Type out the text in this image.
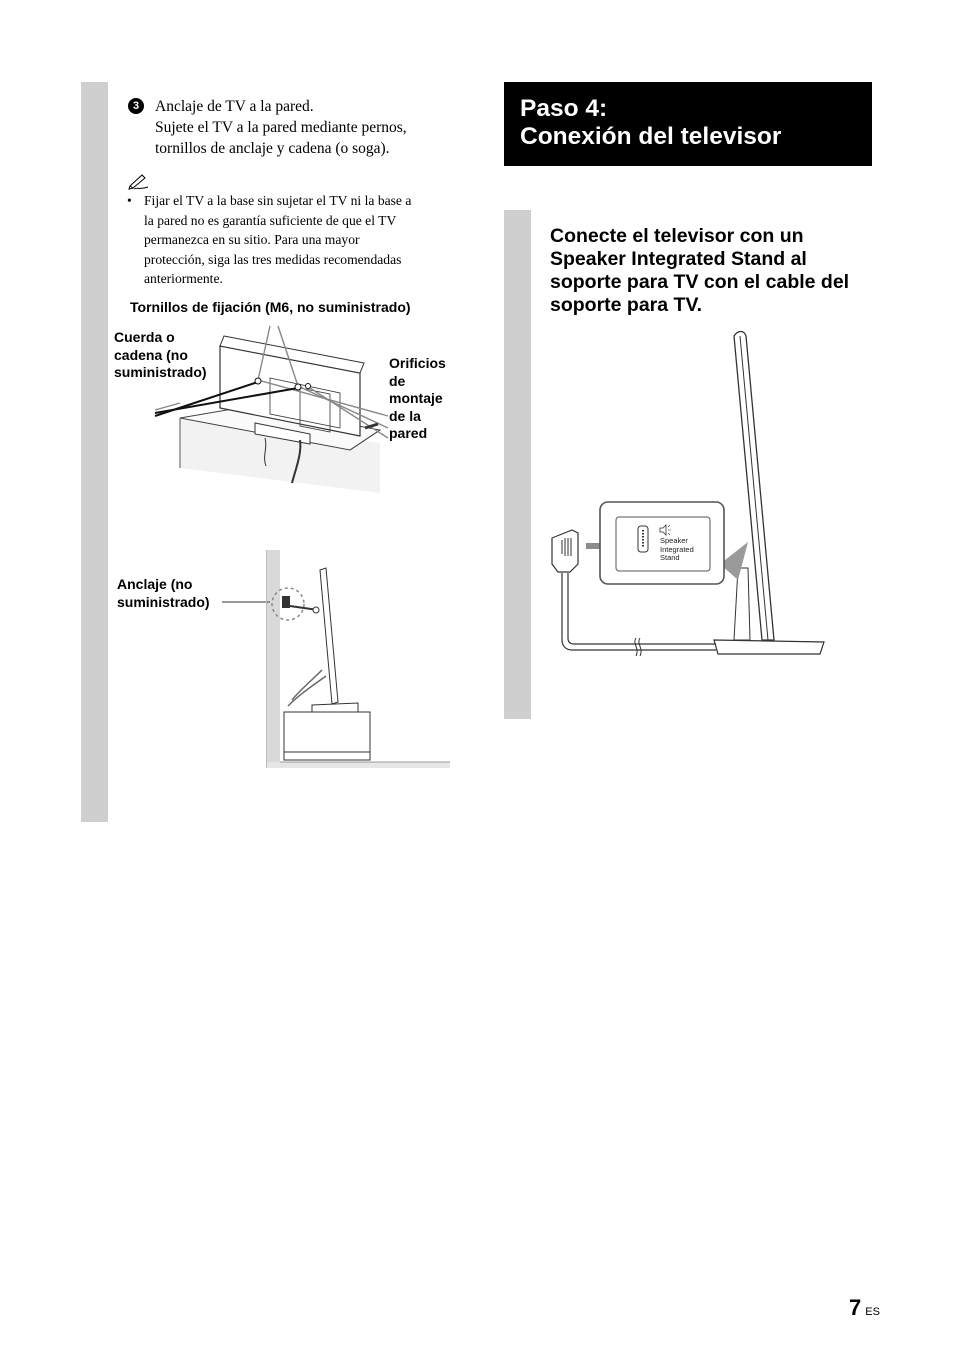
3	Anclaje de TV a la pared.
Sujete el TV a la pared mediante pernos,
tornillos de anclaje y cadena (o soga).
• Fijar el TV a la base sin sujetar el TV ni la base a
la pared no es garantía suficiente de que el TV
permanezca en su sitio. Para una mayor
protección, siga las tres medidas recomendadas
anteriormente.
Tornillos de fijación (M6, no suministrado)
Cuerda o
cadena (no
suministrado)
Orificios
de
montaje
de la
pared
Anclaje (no
suministrado)
Paso 4:
Conexión del televisor
Conecte el televisor con un
Speaker Integrated Stand al
soporte para TV con el cable del
soporte para TV.
Speaker
Integrated
Stand
7 ES
